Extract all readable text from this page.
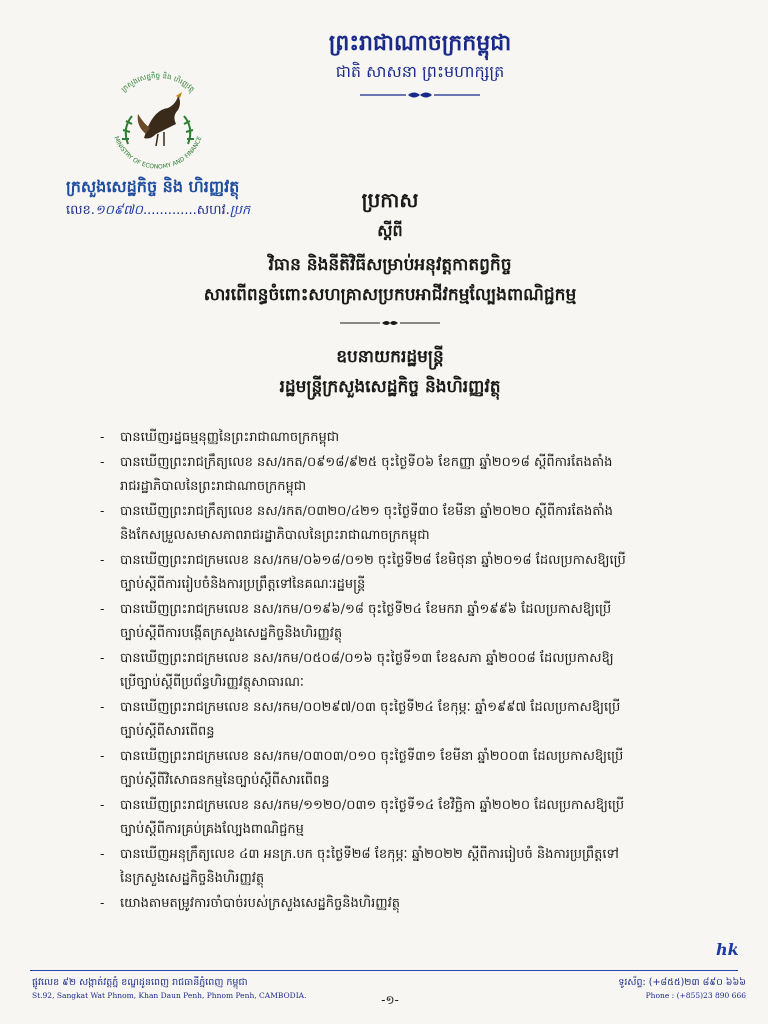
ព្រះរាជាណាចក្រកម្ពុជា
ជាតិ សាសនា ព្រះមហាក្សត្រ
ក្រសួងសេដ្ឋកិច្ច និង ហិរញ្ញវត្ថុ
MINISTRY OF ECONOMY AND FINANCE
ក្រសួងសេដ្ឋកិច្ច និង ហិរញ្ញវត្ថុ
លេខ.១០៩៧០.............សហវ.ប្រក	ប្រកាស
ស្តីពី
វិធាន និងនីតិវិធីសម្រាប់អនុវត្តកាតព្វកិច្ច
សារពើពន្ធចំពោះសហគ្រាសប្រកបអាជីវកម្មល្បែងពាណិជ្ជកម្ម
ឧបនាយករដ្ឋមន្ត្រី
រដ្ឋមន្ត្រីក្រសួងសេដ្ឋកិច្ច និងហិរញ្ញវត្ថុ
- បានឃើញរដ្ឋធម្មនុញ្ញនៃព្រះរាជាណាចក្រកម្ពុជា
- បានឃើញព្រះរាជក្រឹត្យលេខ នស/រកត/០៩១៨/៩២៥ ចុះថ្ងៃទី០៦ ខែកញ្ញា ឆ្នាំ២០១៨ ស្តីពីការតែងតាំង
រាជរដ្ឋាភិបាលនៃព្រះរាជាណាចក្រកម្ពុជា
- បានឃើញព្រះរាជក្រឹត្យលេខ នស/រកត/០៣២០/៤២១ ចុះថ្ងៃទី៣០ ខែមីនា ឆ្នាំ២០២០ ស្តីពីការតែងតាំង
និងកែសម្រួលសមាសភាពរាជរដ្ឋាភិបាលនៃព្រះរាជាណាចក្រកម្ពុជា
- បានឃើញព្រះរាជក្រមលេខ នស/រកម/០៦១៨/០១២ ចុះថ្ងៃទី២៨ ខែមិថុនា ឆ្នាំ២០១៨ ដែលប្រកាសឱ្យប្រើ
ច្បាប់ស្តីពីការរៀបចំនិងការប្រព្រឹត្តទៅនៃគណៈរដ្ឋមន្ត្រី
- បានឃើញព្រះរាជក្រមលេខ នស/រកម/០១៩៦/១៨ ចុះថ្ងៃទី២៤ ខែមករា ឆ្នាំ១៩៩៦ ដែលប្រកាសឱ្យប្រើ
ច្បាប់ស្តីពីការបង្កើតក្រសួងសេដ្ឋកិច្ចនិងហិរញ្ញវត្ថុ
- បានឃើញព្រះរាជក្រមលេខ នស/រកម/០៥០៨/០១៦ ចុះថ្ងៃទី១៣ ខែឧសភា ឆ្នាំ២០០៨ ដែលប្រកាសឱ្យ
ប្រើច្បាប់ស្តីពីប្រព័ន្ធហិរញ្ញវត្ថុសាធារណៈ
- បានឃើញព្រះរាជក្រមលេខ នស/រកម/០០២៩៧/០៣ ចុះថ្ងៃទី២៤ ខែកុម្ភៈ ឆ្នាំ១៩៩៧ ដែលប្រកាសឱ្យប្រើ
ច្បាប់ស្តីពីសារពើពន្ធ
- បានឃើញព្រះរាជក្រមលេខ នស/រកម/០៣០៣/០១០ ចុះថ្ងៃទី៣១ ខែមីនា ឆ្នាំ២០០៣ ដែលប្រកាសឱ្យប្រើ
ច្បាប់ស្តីពីវិសោធនកម្មនៃច្បាប់ស្តីពីសារពើពន្ធ
- បានឃើញព្រះរាជក្រមលេខ នស/រកម/១១២០/០៣១ ចុះថ្ងៃទី១៤ ខែវិច្ឆិកា ឆ្នាំ២០២០ ដែលប្រកាសឱ្យប្រើ
ច្បាប់ស្តីពីការគ្រប់គ្រងល្បែងពាណិជ្ជកម្ម
- បានឃើញអនុក្រឹត្យលេខ ៤៣ អនក្រ.បក ចុះថ្ងៃទី២៨ ខែកុម្ភៈ ឆ្នាំ២០២២ ស្តីពីការរៀបចំ និងការប្រព្រឹត្តទៅ
នៃក្រសួងសេដ្ឋកិច្ចនិងហិរញ្ញវត្ថុ
- យោងតាមតម្រូវការចាំបាច់របស់ក្រសួងសេដ្ឋកិច្ចនិងហិរញ្ញវត្ថុ
hk
ផ្លូវលេខ ៩២ សង្កាត់វត្តភ្នំ ខណ្ឌដូនពេញ រាជធានីភ្នំពេញ កម្ពុជា
St.92, Sangkat Wat Phnom, Khan Daun Penh, Phnom Penh, CAMBODIA.	-១-
ទូរស័ព្ទ: (+៨៥៥)២៣ ៨៩០ ៦៦៦
Phone : (+855)23 890 666
